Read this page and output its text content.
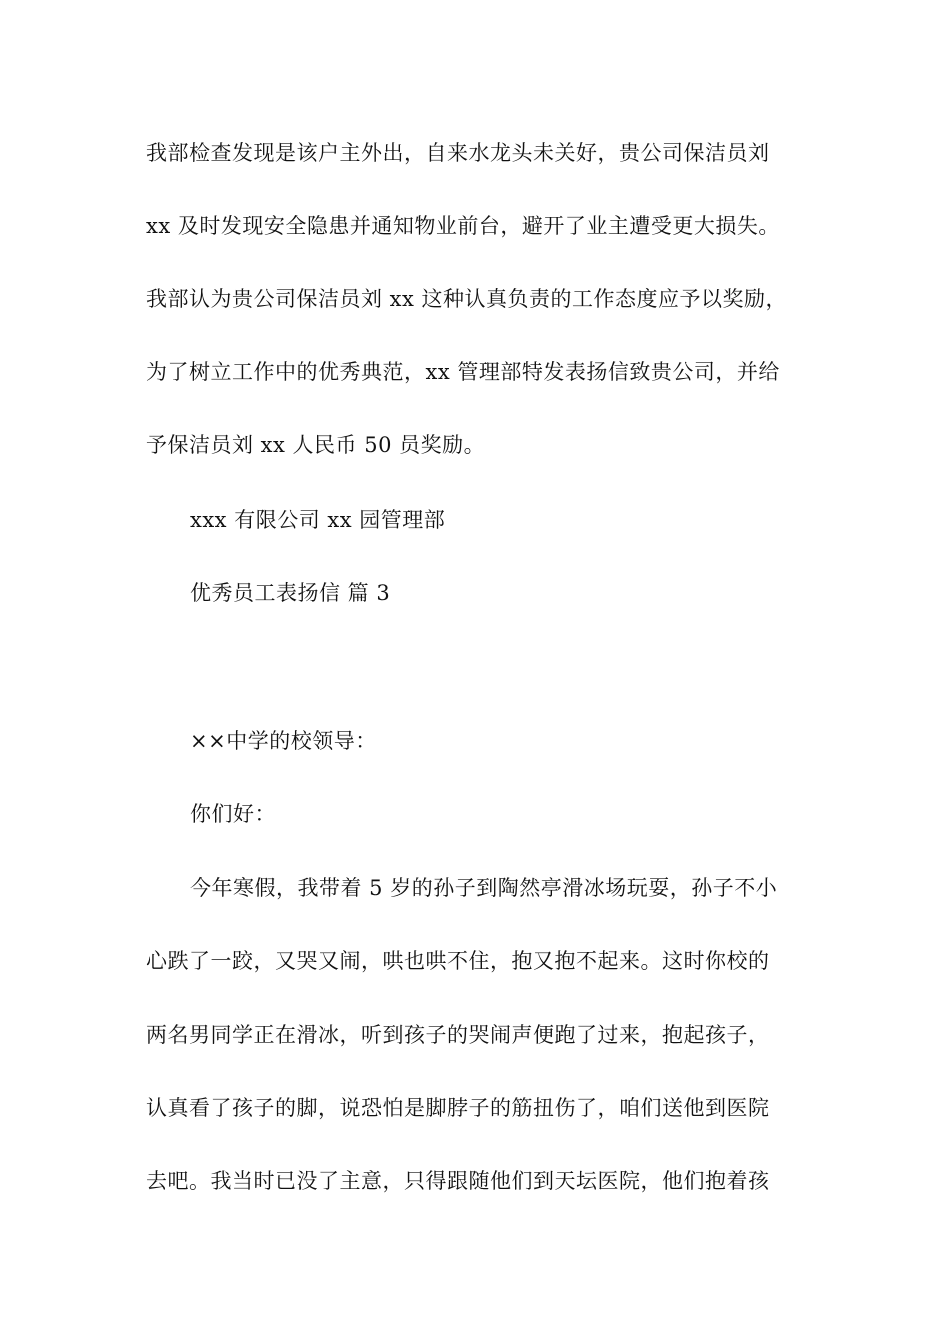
我部检查发现是该户主外出，自来水龙头未关好，贵公司保洁员刘
xx 及时发现安全隐患并通知物业前台，避开了业主遭受更大损失。
我部认为贵公司保洁员刘 xx 这种认真负责的工作态度应予以奖励，
为了树立工作中的优秀典范，xx 管理部特发表扬信致贵公司，并给
予保洁员刘 xx 人民币 50 员奖励。
xxx 有限公司 xx 园管理部
优秀员工表扬信 篇 3
××中学的校领导：
你们好：
今年寒假，我带着 5 岁的孙子到陶然亭滑冰场玩耍，孙子不小
心跌了一跤，又哭又闹，哄也哄不住，抱又抱不起来。这时你校的
两名男同学正在滑冰，听到孩子的哭闹声便跑了过来，抱起孩子，
认真看了孩子的脚，说恐怕是脚脖子的筋扭伤了，咱们送他到医院
去吧。我当时已没了主意，只得跟随他们到天坛医院，他们抱着孩
